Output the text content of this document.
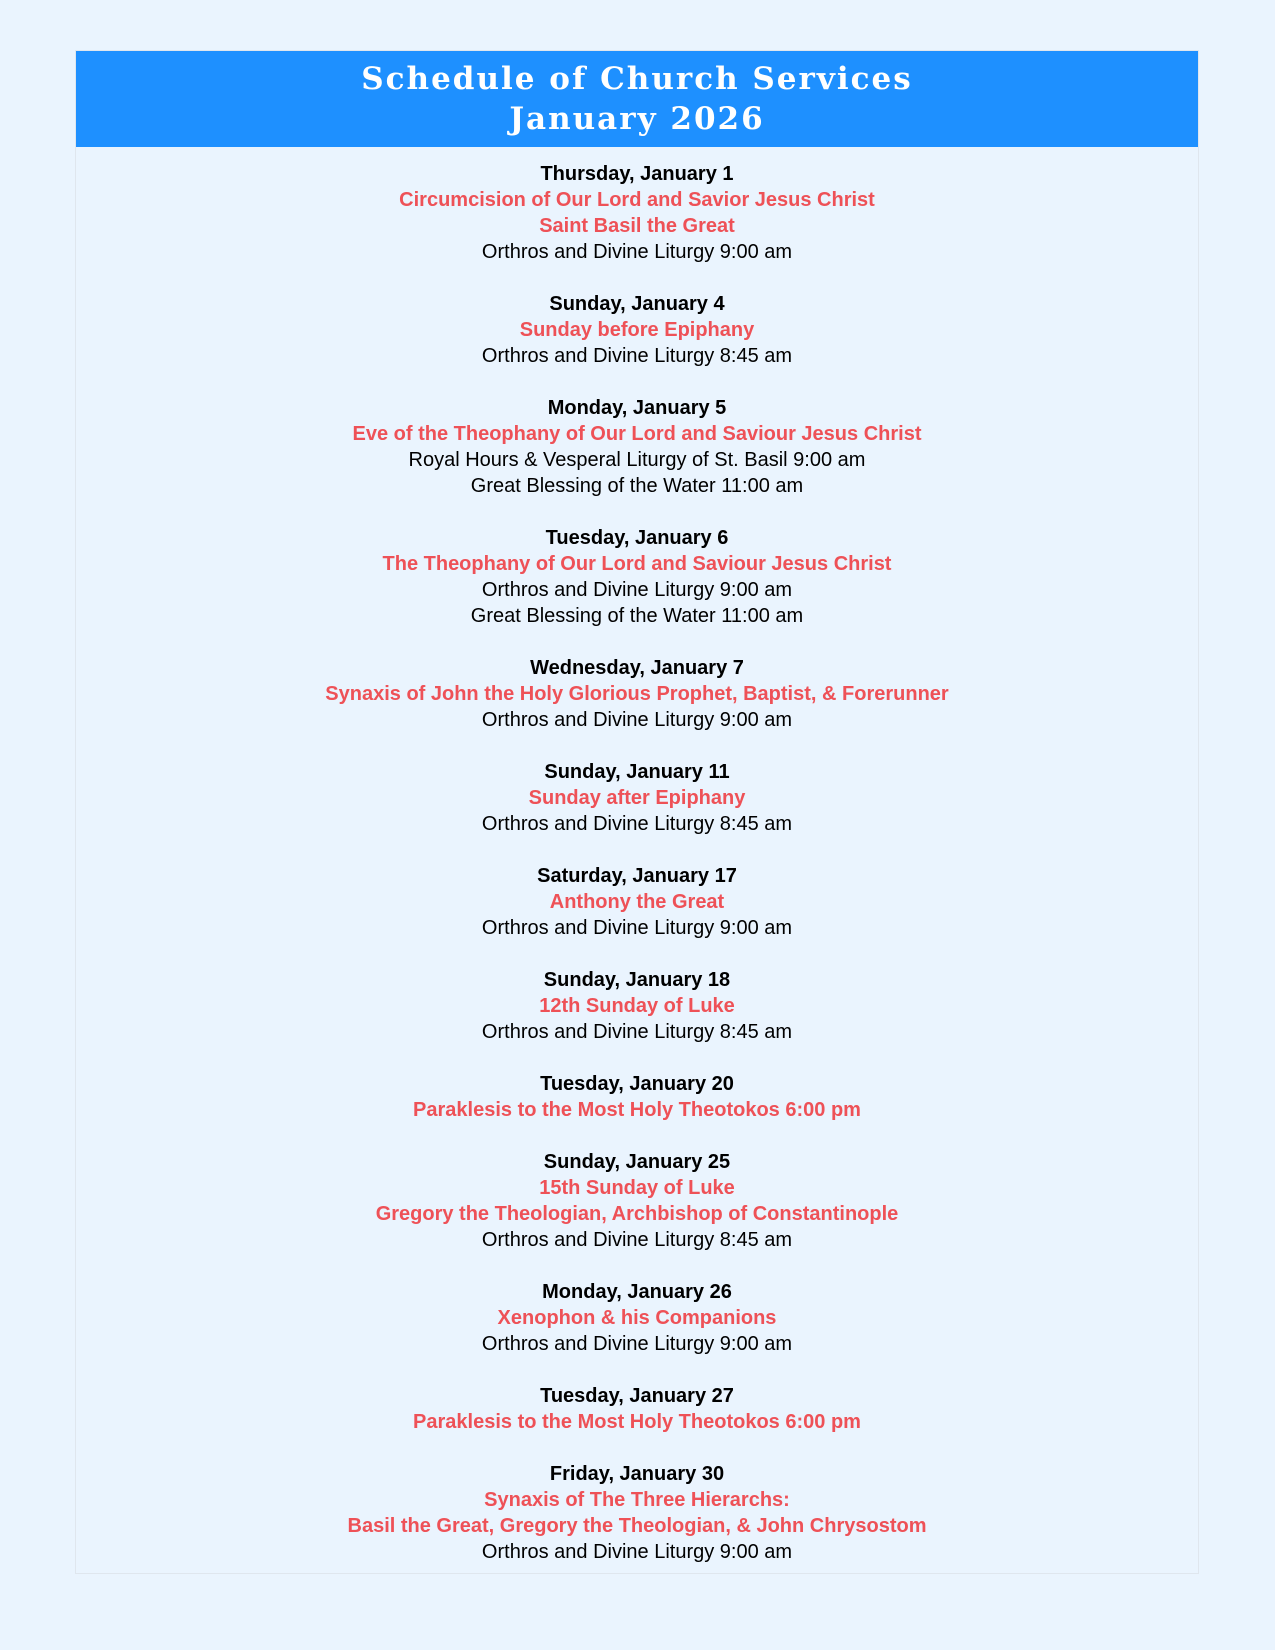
Schedule of Church Services
January 2026
Thursday, January 1
Circumcision of Our Lord and Savior Jesus Christ
Saint Basil the Great
Orthros and Divine Liturgy 9:00 am
Sunday, January 4
Sunday before Epiphany
Orthros and Divine Liturgy 8:45 am
Monday, January 5
Eve of the Theophany of Our Lord and Saviour Jesus Christ
Royal Hours & Vesperal Liturgy of St. Basil 9:00 am
Great Blessing of the Water 11:00 am
Tuesday, January 6
The Theophany of Our Lord and Saviour Jesus Christ
Orthros and Divine Liturgy 9:00 am
Great Blessing of the Water 11:00 am
Wednesday, January 7
Synaxis of John the Holy Glorious Prophet, Baptist, & Forerunner
Orthros and Divine Liturgy 9:00 am
Sunday, January 11
Sunday after Epiphany
Orthros and Divine Liturgy 8:45 am
Saturday, January 17
Anthony the Great
Orthros and Divine Liturgy 9:00 am
Sunday, January 18
12th Sunday of Luke
Orthros and Divine Liturgy 8:45 am
Tuesday, January 20
Paraklesis to the Most Holy Theotokos 6:00 pm
Sunday, January 25
15th Sunday of Luke
Gregory the Theologian, Archbishop of Constantinople
Orthros and Divine Liturgy 8:45 am
Monday, January 26
Xenophon & his Companions
Orthros and Divine Liturgy 9:00 am
Tuesday, January 27
Paraklesis to the Most Holy Theotokos 6:00 pm
Friday, January 30
Synaxis of The Three Hierarchs:
Basil the Great, Gregory the Theologian, & John Chrysostom
Orthros and Divine Liturgy 9:00 am
